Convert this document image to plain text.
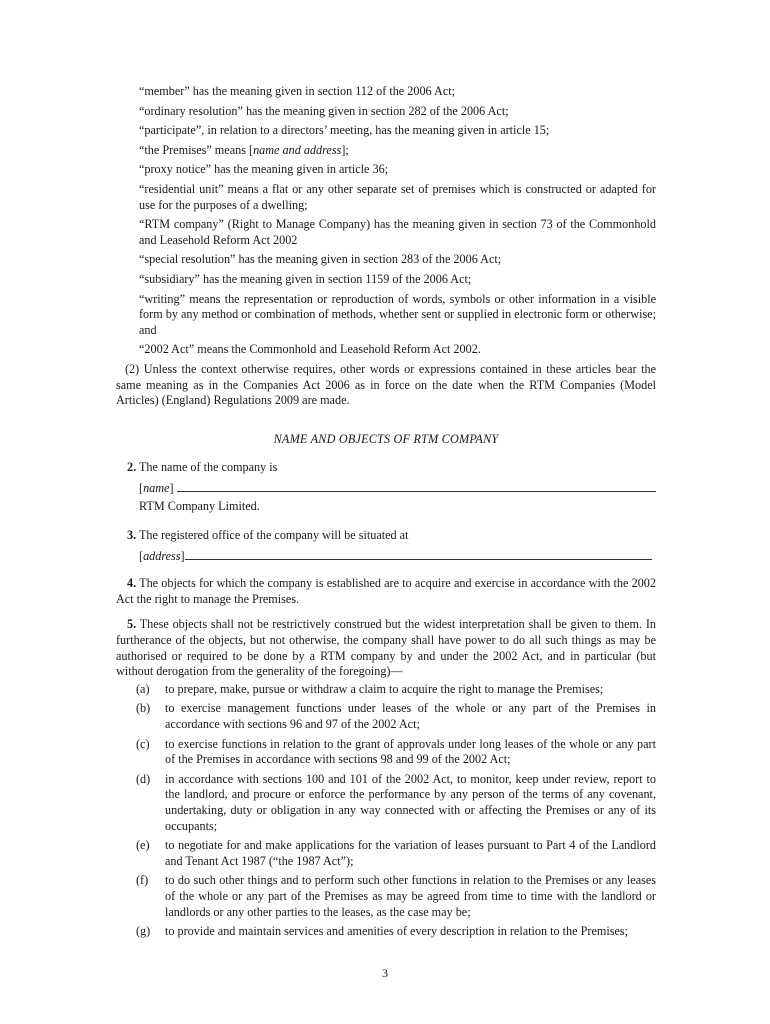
“member” has the meaning given in section 112 of the 2006 Act;

“ordinary resolution” has the meaning given in section 282 of the 2006 Act;

“participate”, in relation to a directors’ meeting, has the meaning given in article 15;

“the Premises” means [name and address];

“proxy notice” has the meaning given in article 36;

“residential unit” means a flat or any other separate set of premises which is constructed or adapted for use for the purposes of a dwelling;

“RTM company” (Right to Manage Company) has the meaning given in section 73 of the Commonhold and Leasehold Reform Act 2002

“special resolution” has the meaning given in section 283 of the 2006 Act;

“subsidiary” has the meaning given in section 1159 of the 2006 Act;

“writing” means the representation or reproduction of words, symbols or other information in a visible form by any method or combination of methods, whether sent or supplied in electronic form or otherwise; and

“2002 Act” means the Commonhold and Leasehold Reform Act 2002.

(2) Unless the context otherwise requires, other words or expressions contained in these articles bear the same meaning as in the Companies Act 2006 as in force on the date when the RTM Companies (Model Articles) (England) Regulations 2009 are made.

NAME AND OBJECTS OF RTM COMPANY

2. The name of the company is

[name]
RTM Company Limited.

3. The registered office of the company will be situated at

[address]

4. The objects for which the company is established are to acquire and exercise in accordance with the 2002 Act the right to manage the Premises.

5. These objects shall not be restrictively construed but the widest interpretation shall be given to them. In furtherance of the objects, but not otherwise, the company shall have power to do all such things as may be authorised or required to be done by a RTM company by and under the 2002 Act, and in particular (but without derogation from the generality of the foregoing)—

(a)	to prepare, make, pursue or withdraw a claim to acquire the right to manage the Premises;
(b)	to exercise management functions under leases of the whole or any part of the Premises in accordance with sections 96 and 97 of the 2002 Act;
(c)	to exercise functions in relation to the grant of approvals under long leases of the whole or any part of the Premises in accordance with sections 98 and 99 of the 2002 Act;
(d)	in accordance with sections 100 and 101 of the 2002 Act, to monitor, keep under review, report to the landlord, and procure or enforce the performance by any person of the terms of any covenant, undertaking, duty or obligation in any way connected with or affecting the Premises or any of its occupants;
(e)	to negotiate for and make applications for the variation of leases pursuant to Part 4 of the Landlord and Tenant Act 1987 (“the 1987 Act”);
(f)	to do such other things and to perform such other functions in relation to the Premises or any leases of the whole or any part of the Premises as may be agreed from time to time with the landlord or landlords or any other parties to the leases, as the case may be;
(g)	to provide and maintain services and amenities of every description in relation to the Premises;
3
